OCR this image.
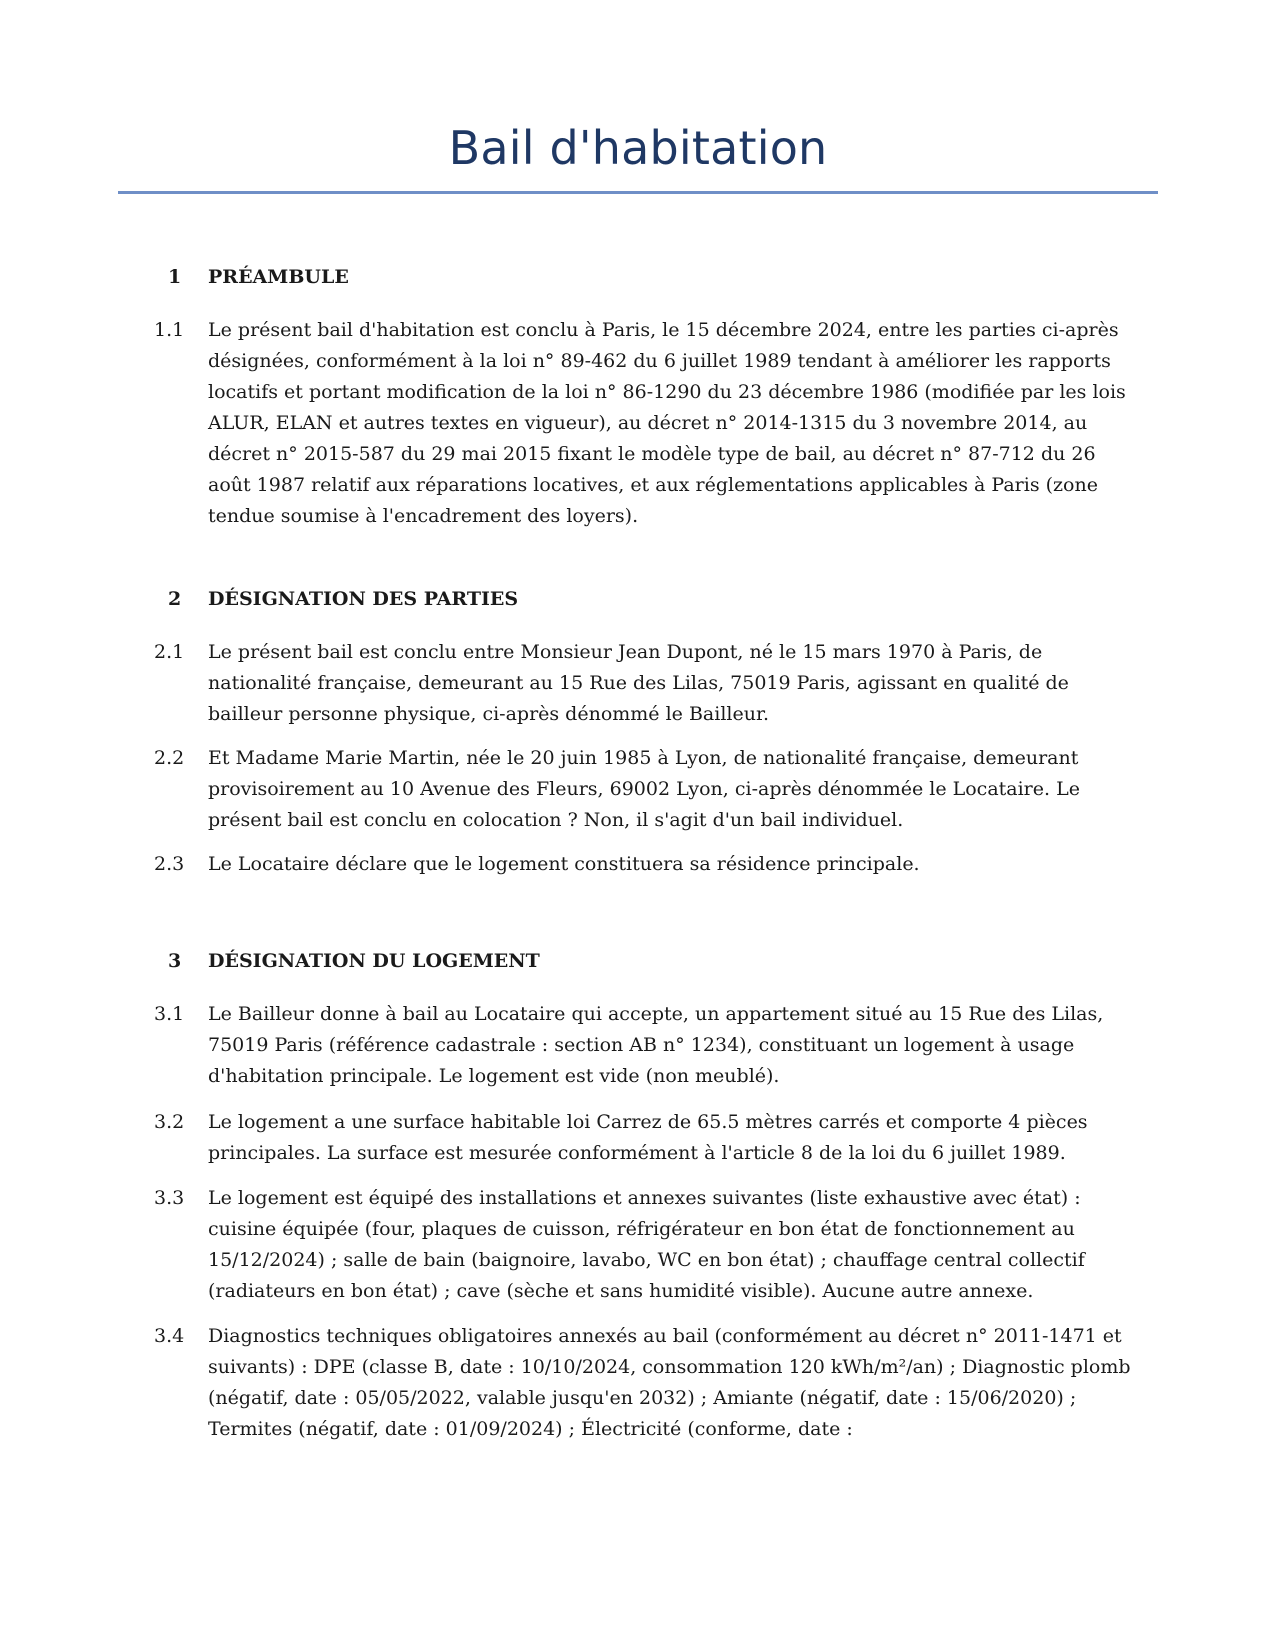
Bail d'habitation
1	PRÉAMBULE
1.1	Le présent bail d'habitation est conclu à Paris, le 15 décembre 2024, entre les parties ci-après désignées, conformément à la loi n° 89-462 du 6 juillet 1989 tendant à améliorer les rapports locatifs et portant modification de la loi n° 86-1290 du 23 décembre 1986 (modifiée par les lois ALUR, ELAN et autres textes en vigueur), au décret n° 2014-1315 du 3 novembre 2014, au décret n° 2015-587 du 29 mai 2015 fixant le modèle type de bail, au décret n° 87-712 du 26 août 1987 relatif aux réparations locatives, et aux réglementations applicables à Paris (zone tendue soumise à l'encadrement des loyers).
2	DÉSIGNATION DES PARTIES
2.1	Le présent bail est conclu entre Monsieur Jean Dupont, né le 15 mars 1970 à Paris, de nationalité française, demeurant au 15 Rue des Lilas, 75019 Paris, agissant en qualité de bailleur personne physique, ci-après dénommé le Bailleur.
2.2	Et Madame Marie Martin, née le 20 juin 1985 à Lyon, de nationalité française, demeurant provisoirement au 10 Avenue des Fleurs, 69002 Lyon, ci-après dénommée le Locataire. Le présent bail est conclu en colocation ? Non, il s'agit d'un bail individuel.
2.3	Le Locataire déclare que le logement constituera sa résidence principale.
3	DÉSIGNATION DU LOGEMENT
3.1	Le Bailleur donne à bail au Locataire qui accepte, un appartement situé au 15 Rue des Lilas, 75019 Paris (référence cadastrale : section AB n° 1234), constituant un logement à usage d'habitation principale. Le logement est vide (non meublé).
3.2	Le logement a une surface habitable loi Carrez de 65.5 mètres carrés et comporte 4 pièces principales. La surface est mesurée conformément à l'article 8 de la loi du 6 juillet 1989.
3.3	Le logement est équipé des installations et annexes suivantes (liste exhaustive avec état) : cuisine équipée (four, plaques de cuisson, réfrigérateur en bon état de fonctionnement au 15/12/2024) ; salle de bain (baignoire, lavabo, WC en bon état) ; chauffage central collectif (radiateurs en bon état) ; cave (sèche et sans humidité visible). Aucune autre annexe.
3.4	Diagnostics techniques obligatoires annexés au bail (conformément au décret n° 2011-1471 et suivants) : DPE (classe B, date : 10/10/2024, consommation 120 kWh/m²/an) ; Diagnostic plomb (négatif, date : 05/05/2022, valable jusqu'en 2032) ; Amiante (négatif, date : 15/06/2020) ; Termites (négatif, date : 01/09/2024) ; Électricité (conforme, date :
